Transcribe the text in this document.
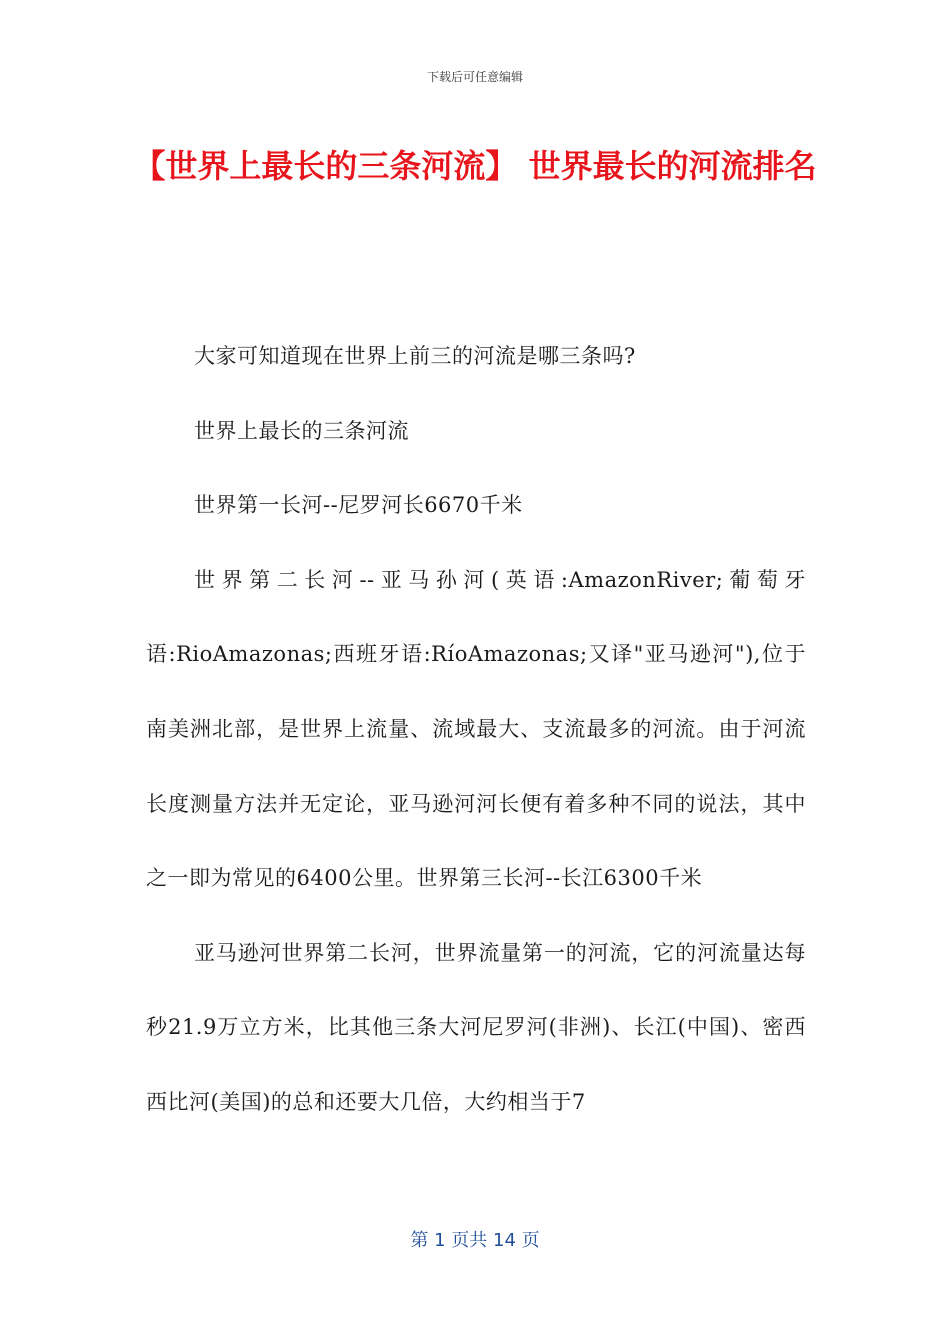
下载后可任意编辑
【世界上最长的三条河流】 世界最长的河流排名

大家可知道现在世界上前三的河流是哪三条吗?

世界上最长的三条河流

世界第一长河--尼罗河长6670千米

世界第二长河--亚马孙河(英语:AmazonRiver;葡萄牙语:RioAmazonas;西班牙语:RíoAmazonas;又译"亚马逊河"),位于南美洲北部，是世界上流量、流域最大、支流最多的河流。由于河流长度测量方法并无定论，亚马逊河河长便有着多种不同的说法，其中之一即为常见的6400公里。世界第三长河--长江6300千米

亚马逊河世界第二长河，世界流量第一的河流，它的河流量达每秒21.9万立方米，比其他三条大河尼罗河(非洲)、长江(中国)、密西西比河(美国)的总和还要大几倍，大约相当于7

第 1 页共 14 页
